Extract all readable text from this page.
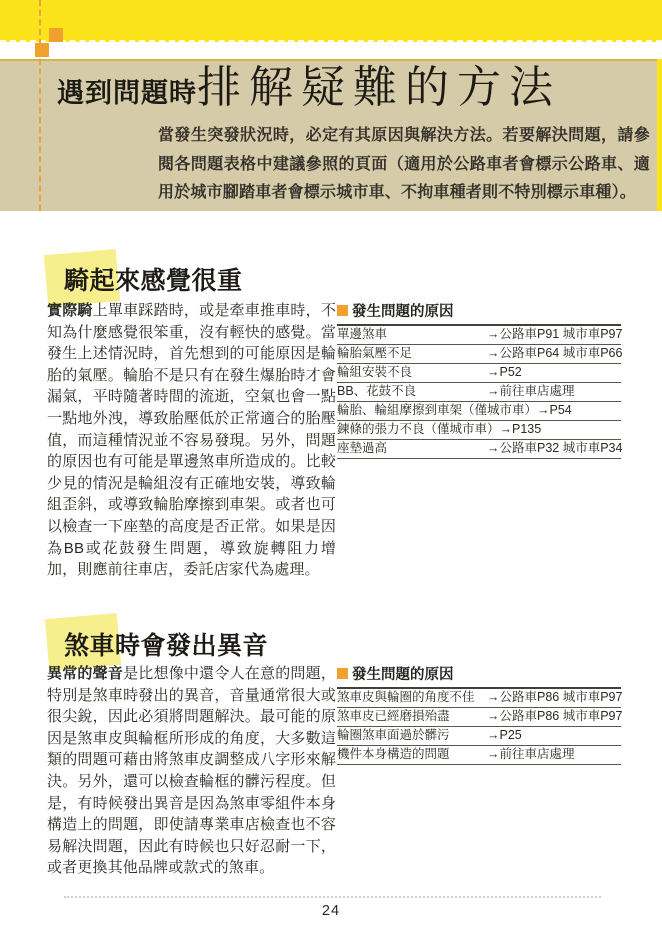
遇到問題時 排解疑難的方法
當發生突發狀況時，必定有其原因與解決方法。若要解決問題，請參閱各問題表格中建議參照的頁面（適用於公路車者會標示公路車、適用於城市腳踏車者會標示城市車、不拘車種者則不特別標示車種）。
騎起來感覺很重
實際騎上單車踩踏時，或是牽車推車時，不知為什麼感覺很笨重，沒有輕快的感覺。當發生上述情況時，首先想到的可能原因是輪胎的氣壓。輪胎不是只有在發生爆胎時才會漏氣，平時隨著時間的流逝，空氣也會一點一點地外洩，導致胎壓低於正常適合的胎壓值，而這種情況並不容易發現。另外，問題的原因也有可能是單邊煞車所造成的。比較少見的情況是輪組沒有正確地安裝，導致輪組歪斜，或導致輪胎摩擦到車架。或者也可以檢查一下座墊的高度是否正常。如果是因為BB或花鼓發生問題，導致旋轉阻力增加，則應前往車店，委託店家代為處理。
發生問題的原因
單邊煞車	→公路車P91 城市車P97
輪胎氣壓不足	→公路車P64 城市車P66
輪組安裝不良	→P52
BB、花鼓不良	→前往車店處理
輪胎、輪組摩擦到車架（僅城市車） →P54
鍊條的張力不良（僅城市車） →P135
座墊過高	→公路車P32 城市車P34
煞車時會發出異音
異常的聲音是比想像中還令人在意的問題，特別是煞車時發出的異音，音量通常很大或很尖銳，因此必須將問題解決。最可能的原因是煞車皮與輪框所形成的角度，大多數這類的問題可藉由將煞車皮調整成八字形來解決。另外，還可以檢查輪框的髒污程度。但是，有時候發出異音是因為煞車零組件本身構造上的問題，即使請專業車店檢查也不容易解決問題，因此有時候也只好忍耐一下，或者更換其他品牌或款式的煞車。
發生問題的原因
煞車皮與輪圈的角度不佳 →公路車P86 城市車P97
煞車皮已經磨損殆盡	→公路車P86 城市車P97
輪圈煞車面過於髒污	→P25
機件本身構造的問題	→前往車店處理
24
